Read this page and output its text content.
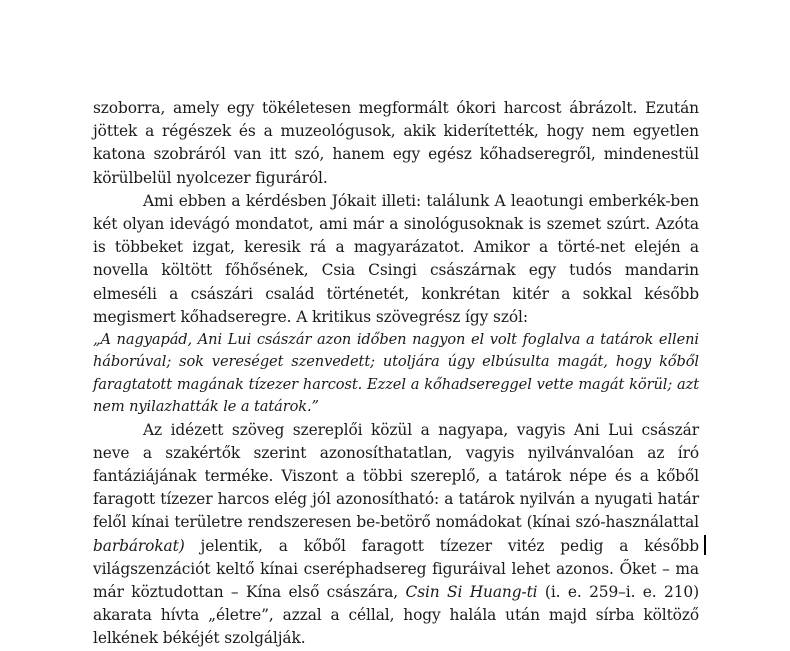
szoborra, amely egy tökéletesen megformált ókori harcost ábrázolt. Ezután jöttek a régészek és a muzeológusok, akik kiderítették, hogy nem egyetlen katona szobráról van itt szó, hanem egy egész kőhadseregről, mindenestül körülbelül nyolcezer figuráról.

Ami ebben a kérdésben Jókait illeti: találunk A leaotungi emberkék-ben két olyan idevágó mondatot, ami már a sinológusoknak is szemet szúrt. Azóta is többeket izgat, keresik rá a magyarázatot. Amikor a törté-net elején a novella költött főhősének, Csia Csingi császárnak egy tudós mandarin elmeséli a császári család történetét, konkrétan kitér a sokkal később megismert kőhadseregre. A kritikus szövegrész így szól:

„A nagyapád, Ani Lui császár azon időben nagyon el volt foglalva a tatárok elleni háborúval; sok vereséget szenvedett; utoljára úgy elbúsulta magát, hogy kőből faragtatott magának tízezer harcost. Ezzel a kőhadsereggel vette magát körül; azt nem nyilazhatták le a tatárok.”

Az idézett szöveg szereplői közül a nagyapa, vagyis Ani Lui császár neve a szakértők szerint azonosíthatatlan, vagyis nyilvánvalóan az író fantáziájának terméke. Viszont a többi szereplő, a tatárok népe és a kőből faragott tízezer harcos elég jól azonosítható: a tatárok nyilván a nyugati határ felől kínai területre rendszeresen be-betörő nomádokat (kínai szó-használattal barbárokat) jelentik, a kőből faragott tízezer vitéz pedig a később világszenzációt keltő kínai cseréphadsereg figuráival lehet azonos. Őket – ma már köztudottan – Kína első császára, Csin Si Huang-ti (i. e. 259–i. e. 210) akarata hívta „életre”, azzal a céllal, hogy halála után majd sírba költöző lelkének békéjét szolgálják.
